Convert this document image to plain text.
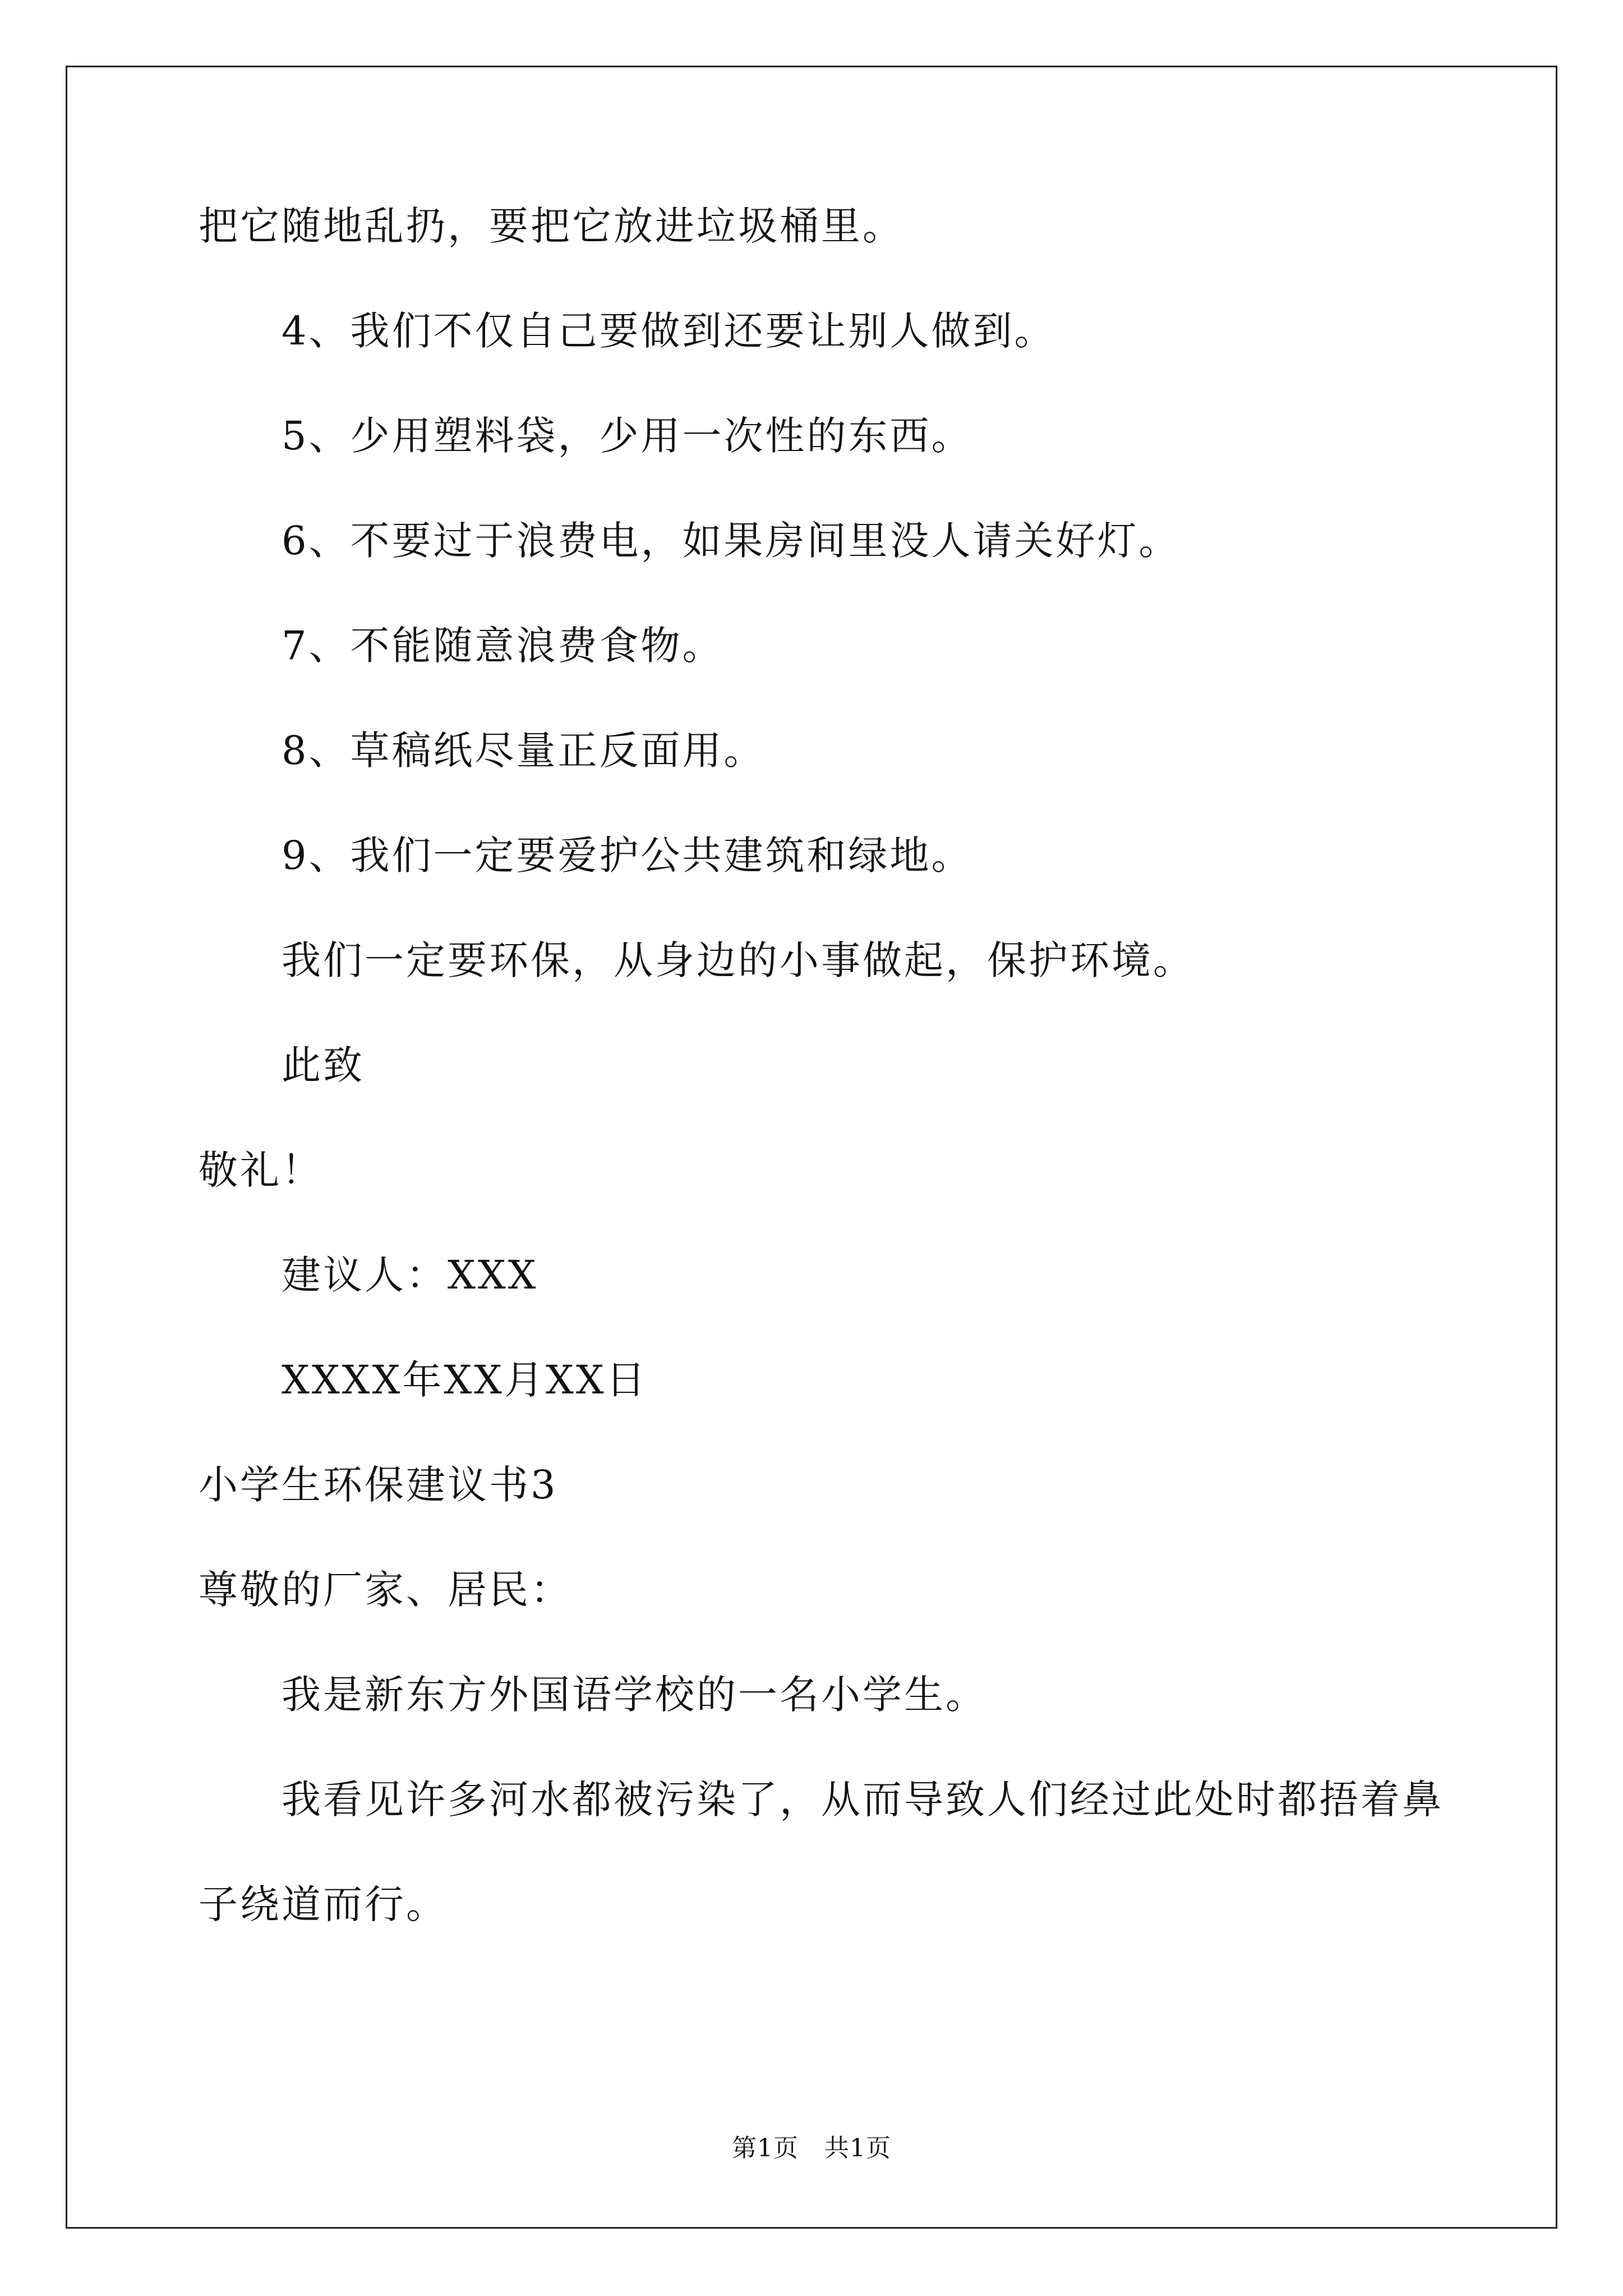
把它随地乱扔，要把它放进垃圾桶里。
4、我们不仅自己要做到还要让别人做到。
5、少用塑料袋，少用一次性的东西。
6、不要过于浪费电，如果房间里没人请关好灯。
7、不能随意浪费食物。
8、草稿纸尽量正反面用。
9、我们一定要爱护公共建筑和绿地。
我们一定要环保，从身边的小事做起，保护环境。
此致
敬礼！
建议人：XXX
XXXX年XX月XX日
小学生环保建议书3
尊敬的厂家、居民：
我是新东方外国语学校的一名小学生。
我看见许多河水都被污染了，从而导致人们经过此处时都捂着鼻
子绕道而行。
第1页 共1页
